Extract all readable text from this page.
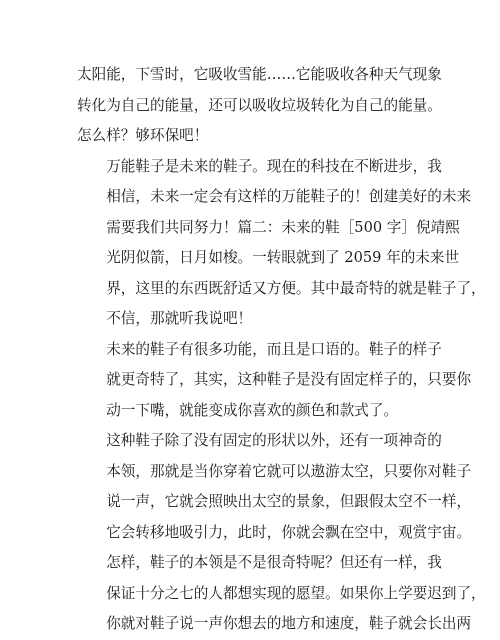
太阳能，下雪时，它吸收雪能……它能吸收各种天气现象
转化为自己的能量，还可以吸收垃圾转化为自己的能量。
怎么样？够环保吧！

万能鞋子是未来的鞋子。现在的科技在不断进步，我
相信，未来一定会有这样的万能鞋子的！创建美好的未来
需要我们共同努力！篇二：未来的鞋［500 字］倪靖熙

光阴似箭，日月如梭。一转眼就到了 2059 年的未来世
界，这里的东西既舒适又方便。其中最奇特的就是鞋子了，
不信，那就听我说吧！

未来的鞋子有很多功能，而且是口语的。鞋子的样子
就更奇特了，其实，这种鞋子是没有固定样子的，只要你
动一下嘴，就能变成你喜欢的颜色和款式了。

这种鞋子除了没有固定的形状以外，还有一项神奇的
本领，那就是当你穿着它就可以遨游太空，只要你对鞋子
说一声，它就会照映出太空的景象，但跟假太空不一样，
它会转移地吸引力，此时，你就会飘在空中，观赏宇宙。

怎样，鞋子的本领是不是很奇特呢？但还有一样，我
保证十分之七的人都想实现的愿望。如果你上学要迟到了，
你就对鞋子说一声你想去的地方和速度，鞋子就会长出两
